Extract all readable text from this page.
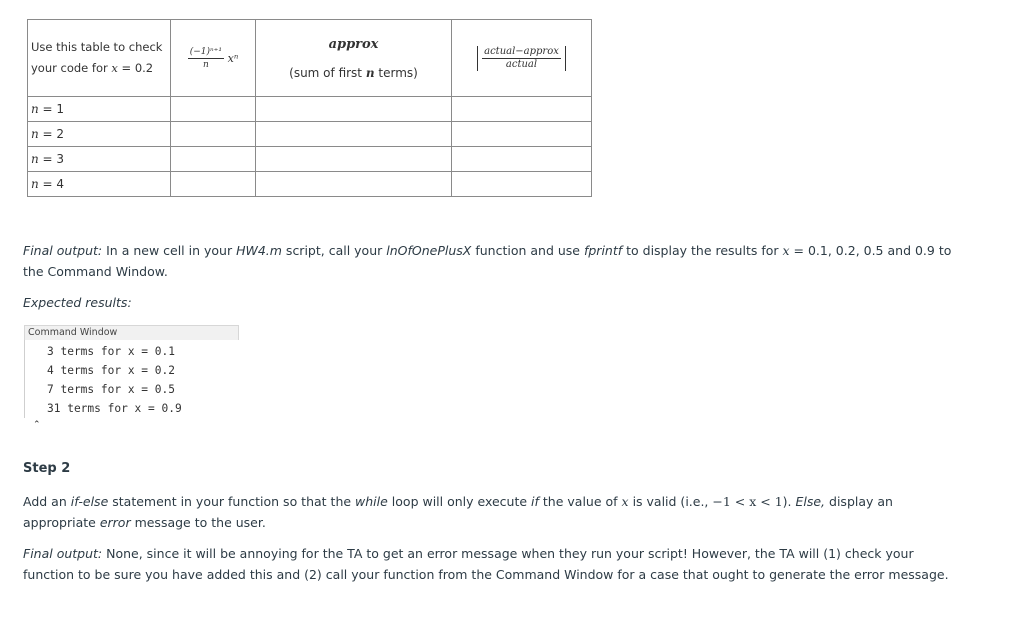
Use this table to check
your code for x = 0.2	$\frac{\text{(−1)ⁿ⁺¹}}{n}$ xⁿ	approx
(sum of first n terms)	$\frac{\text{actual−approx}}{\text{actual}}$

n = 1			
n = 2			
n = 3			
n = 4			
Final output: In a new cell in your HW4.m script, call your lnOfOnePlusX function and use fprintf to display the results for x = 0.1, 0.2, 0.5 and 0.9 to the Command Window.
Expected results:
Command Window
3 terms for x = 0.1
4 terms for x = 0.2
7 terms for x = 0.5
31 terms for x = 0.9
⌃
Step 2
Add an if-else statement in your function so that the while loop will only execute if the value of x is valid (i.e., −1 < x < 1). Else, display an appropriate error message to the user.
Final output: None, since it will be annoying for the TA to get an error message when they run your script! However, the TA will (1) check your function to be sure you have added this and (2) call your function from the Command Window for a case that ought to generate the error message.
